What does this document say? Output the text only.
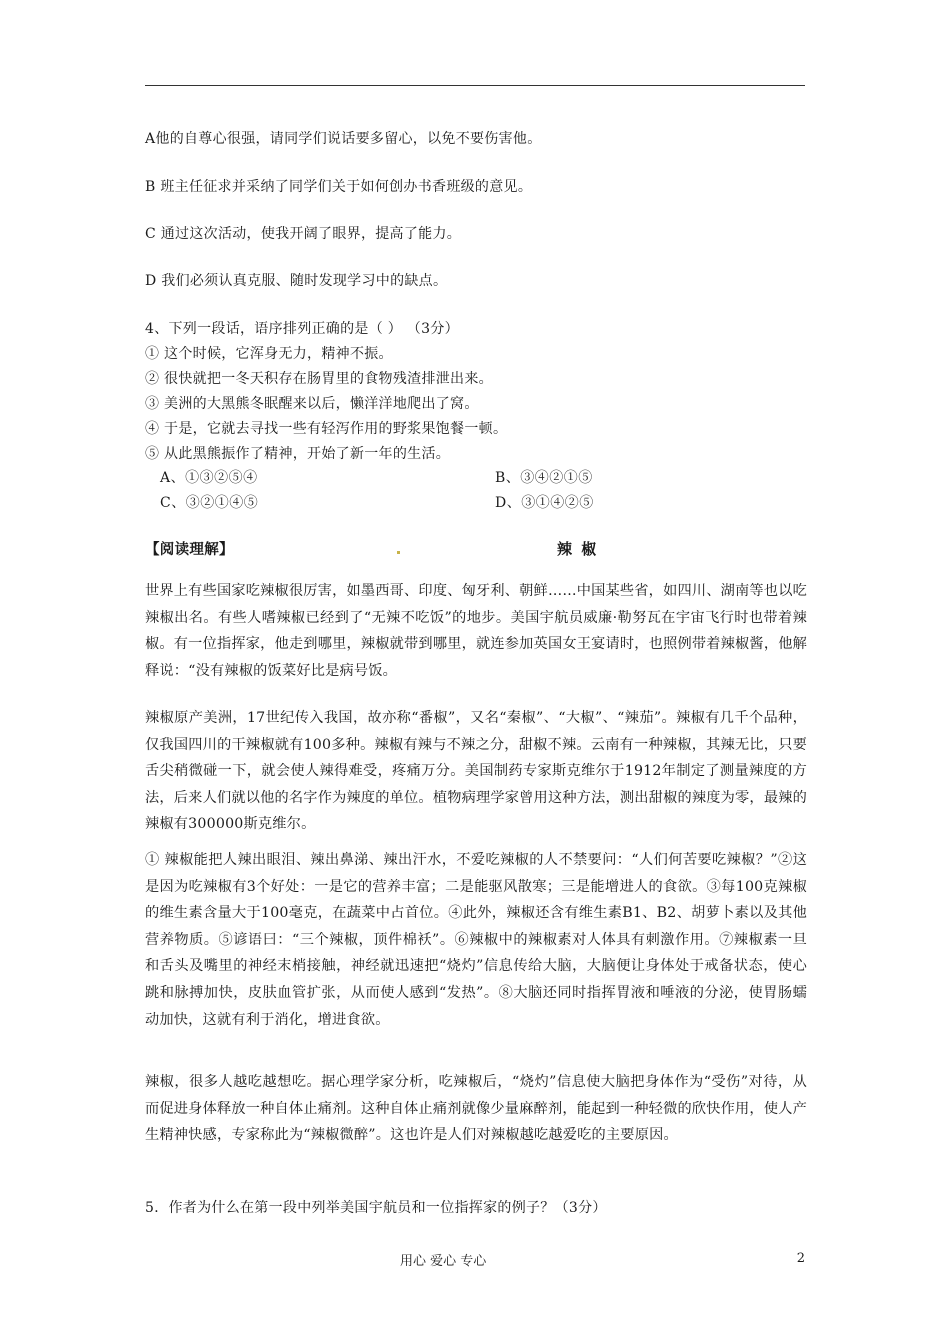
A他的自尊心很强，请同学们说话要多留心，以免不要伤害他。
B 班主任征求并采纳了同学们关于如何创办书香班级的意见。
C 通过这次活动，使我开阔了眼界，提高了能力。
D 我们必须认真克服、随时发现学习中的缺点。
4、下列一段话，语序排列正确的是（ ） （3分）
① 这个时候，它浑身无力，精神不振。
② 很快就把一冬天积存在肠胃里的食物残渣排泄出来。
③ 美洲的大黑熊冬眠醒来以后，懒洋洋地爬出了窝。
④ 于是，它就去寻找一些有轻泻作用的野浆果饱餐一顿。
⑤ 从此黑熊振作了精神，开始了新一年的生活。
A、①③②⑤④	B、③④②①⑤
C、③②①④⑤	D、③①④②⑤
【阅读理解】	辣 椒
世界上有些国家吃辣椒很厉害，如墨西哥、印度、匈牙利、朝鲜……中国某些省，如四川、湖南等也以吃辣椒出名。有些人嗜辣椒已经到了“无辣不吃饭”的地步。美国宇航员威廉·勒努瓦在宇宙飞行时也带着辣椒。有一位指挥家，他走到哪里，辣椒就带到哪里，就连参加英国女王宴请时，也照例带着辣椒酱，他解释说：“没有辣椒的饭菜好比是病号饭。
辣椒原产美洲，17世纪传入我国，故亦称“番椒”，又名“秦椒”、“大椒”、“辣茄”。辣椒有几千个品种，仅我国四川的干辣椒就有100多种。辣椒有辣与不辣之分，甜椒不辣。云南有一种辣椒，其辣无比，只要舌尖稍微碰一下，就会使人辣得难受，疼痛万分。美国制药专家斯克维尔于1912年制定了测量辣度的方法，后来人们就以他的名字作为辣度的单位。植物病理学家曾用这种方法，测出甜椒的辣度为零，最辣的辣椒有300000斯克维尔。
① 辣椒能把人辣出眼泪、辣出鼻涕、辣出汗水，不爱吃辣椒的人不禁要问：“人们何苦要吃辣椒？”②这是因为吃辣椒有3个好处：一是它的营养丰富；二是能驱风散寒；三是能增进人的食欲。③每100克辣椒的维生素含量大于100毫克，在蔬菜中占首位。④此外，辣椒还含有维生素B1、B2、胡萝卜素以及其他营养物质。⑤谚语曰：“三个辣椒，顶件棉袄”。⑥辣椒中的辣椒素对人体具有刺激作用。⑦辣椒素一旦和舌头及嘴里的神经末梢接触，神经就迅速把“烧灼”信息传给大脑，大脑便让身体处于戒备状态，使心跳和脉搏加快，皮肤血管扩张，从而使人感到“发热”。⑧大脑还同时指挥胃液和唾液的分泌，使胃肠蠕动加快，这就有利于消化，增进食欲。
辣椒，很多人越吃越想吃。据心理学家分析，吃辣椒后，“烧灼”信息使大脑把身体作为“受伤”对待，从而促进身体释放一种自体止痛剂。这种自体止痛剂就像少量麻醉剂，能起到一种轻微的欣快作用，使人产生精神快感，专家称此为“辣椒微醉”。这也许是人们对辣椒越吃越爱吃的主要原因。
5．作者为什么在第一段中列举美国宇航员和一位指挥家的例子？（3分）
用心 爱心 专心	2
